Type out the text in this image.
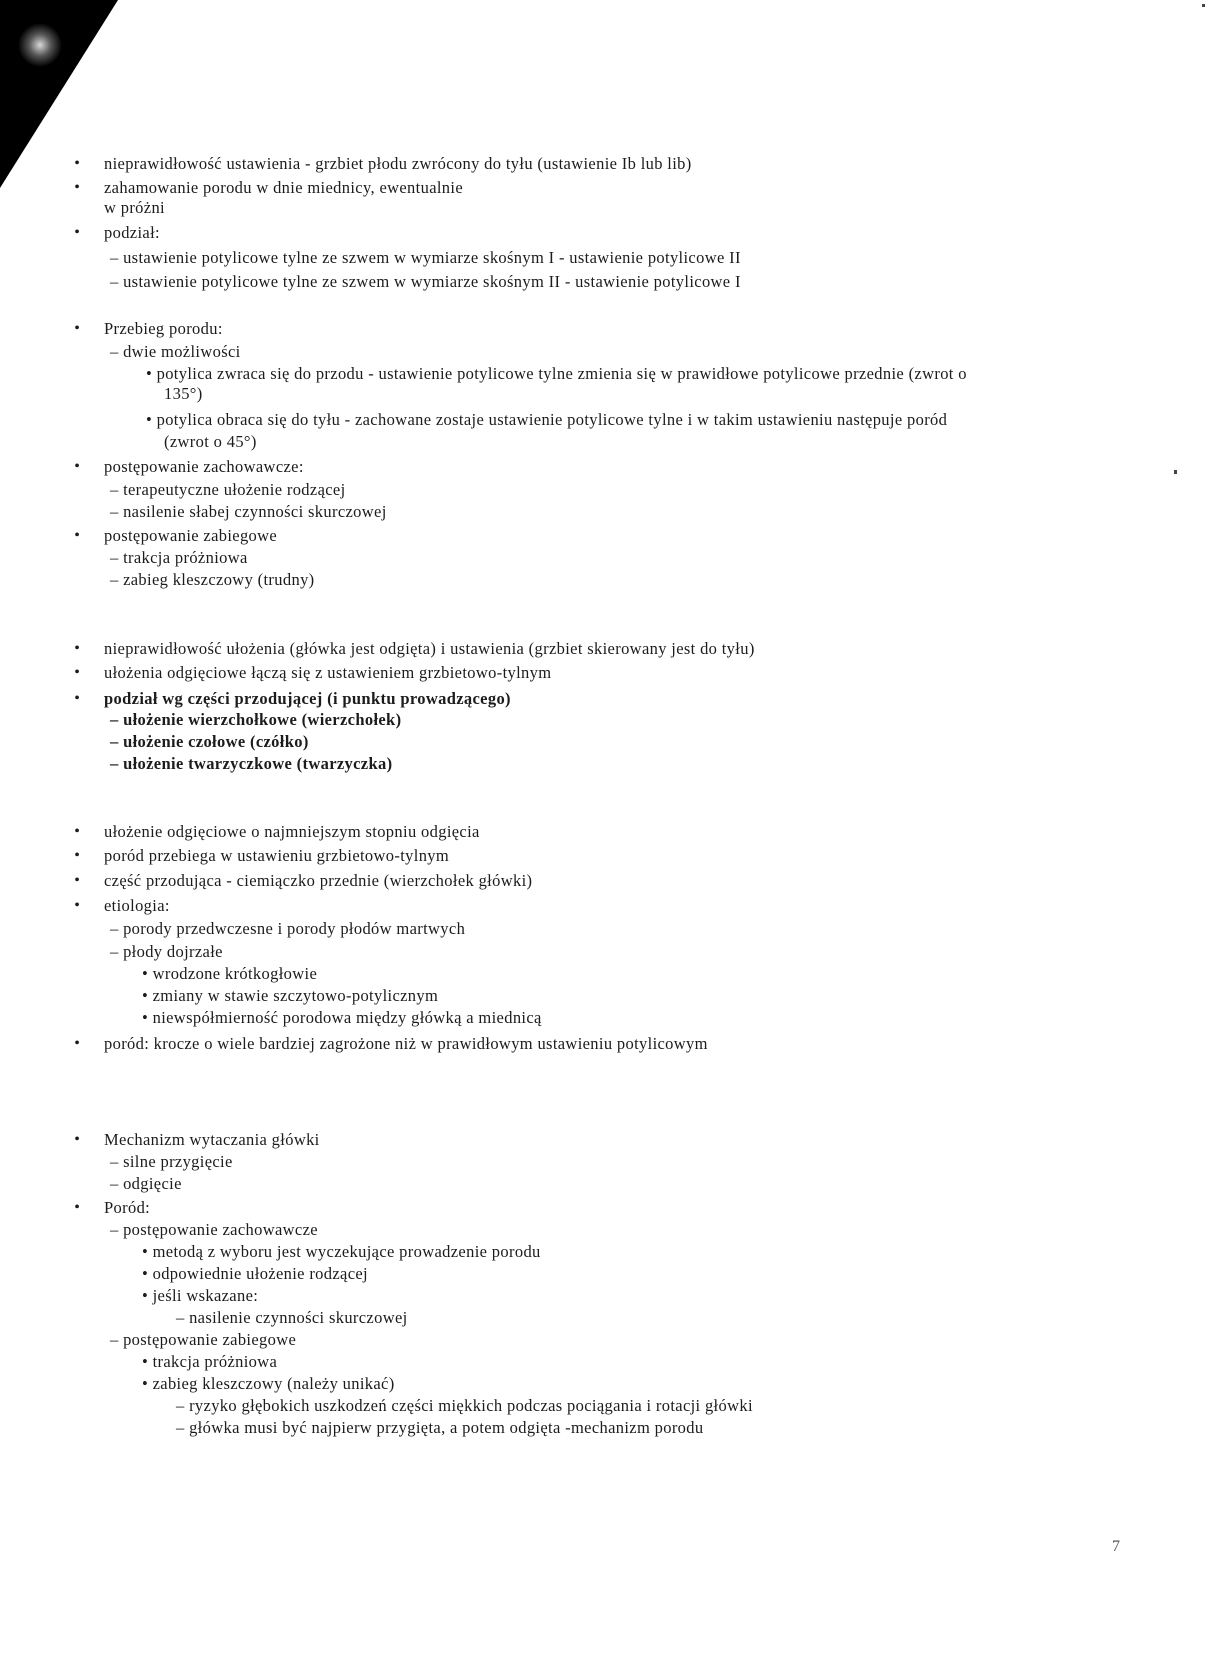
• nieprawidłowość ustawienia - grzbiet płodu zwrócony do tyłu (ustawienie Ib lub lib)
• zahamowanie porodu w dnie miednicy, ewentualnie
w próżni
• podział:
– ustawienie potylicowe tylne ze szwem w wymiarze skośnym I - ustawienie potylicowe II
– ustawienie potylicowe tylne ze szwem w wymiarze skośnym II - ustawienie potylicowe I
• Przebieg porodu:
– dwie możliwości
• potylica zwraca się do przodu - ustawienie potylicowe tylne zmienia się w prawidłowe potylicowe przednie (zwrot o
135°)
• potylica obraca się do tyłu - zachowane zostaje ustawienie potylicowe tylne i w takim ustawieniu następuje poród
(zwrot o 45°)
• postępowanie zachowawcze:
– terapeutyczne ułożenie rodzącej
– nasilenie słabej czynności skurczowej
• postępowanie zabiegowe
– trakcja próżniowa
– zabieg kleszczowy (trudny)
• nieprawidłowość ułożenia (główka jest odgięta) i ustawienia (grzbiet skierowany jest do tyłu)
• ułożenia odgięciowe łączą się z ustawieniem grzbietowo-tylnym
• podział wg części przodującej (i punktu prowadzącego)
– ułożenie wierzchołkowe (wierzchołek)
– ułożenie czołowe (czółko)
– ułożenie twarzyczkowe (twarzyczka)
• ułożenie odgięciowe o najmniejszym stopniu odgięcia
• poród przebiega w ustawieniu grzbietowo-tylnym
• część przodująca - ciemiączko przednie (wierzchołek główki)
• etiologia:
– porody przedwczesne i porody płodów martwych
– płody dojrzałe
• wrodzone krótkogłowie
• zmiany w stawie szczytowo-potylicznym
• niewspółmierność porodowa między główką a miednicą
• poród: krocze o wiele bardziej zagrożone niż w prawidłowym ustawieniu potylicowym
• Mechanizm wytaczania główki
– silne przygięcie
– odgięcie
• Poród:
– postępowanie zachowawcze
• metodą z wyboru jest wyczekujące prowadzenie porodu
• odpowiednie ułożenie rodzącej
• jeśli wskazane:
– nasilenie czynności skurczowej
– postępowanie zabiegowe
• trakcja próżniowa
• zabieg kleszczowy (należy unikać)
– ryzyko głębokich uszkodzeń części miękkich podczas pociągania i rotacji główki
– główka musi być najpierw przygięta, a potem odgięta -mechanizm porodu
7
